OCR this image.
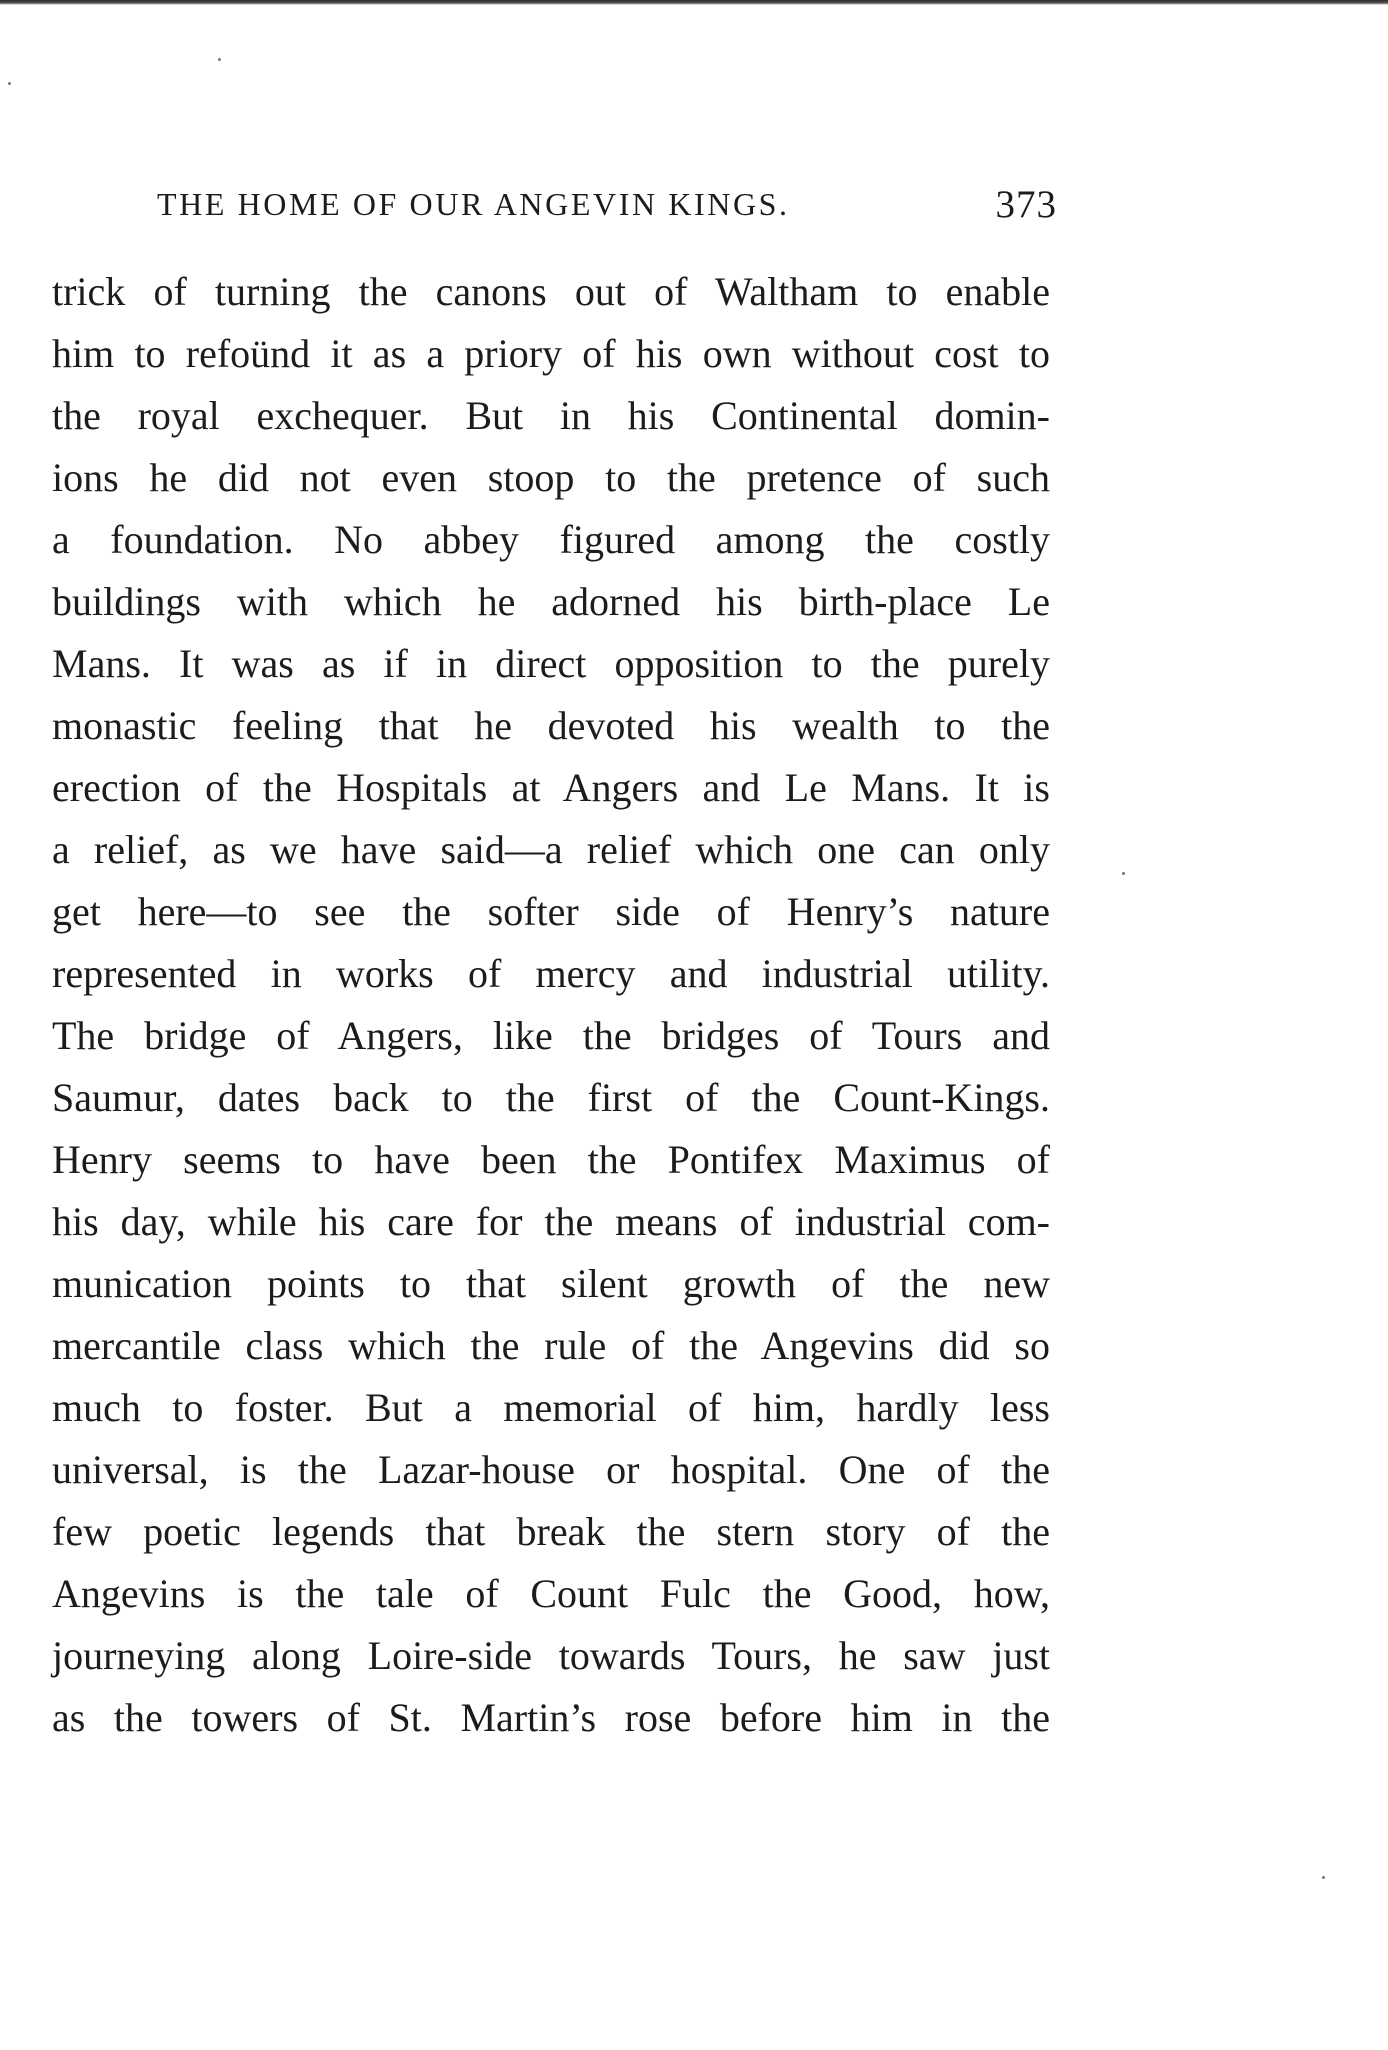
THE HOME OF OUR ANGEVIN KINGS.	373
trick of turning the canons out of Waltham to enable
him to refoünd it as a priory of his own without cost to
the royal exchequer. But in his Continental domin-
ions he did not even stoop to the pretence of such
a foundation. No abbey figured among the costly
buildings with which he adorned his birth-place Le
Mans. It was as if in direct opposition to the purely
monastic feeling that he devoted his wealth to the
erection of the Hospitals at Angers and Le Mans. It is
a relief, as we have said—a relief which one can only
get here—to see the softer side of Henry’s nature
represented in works of mercy and industrial utility.
The bridge of Angers, like the bridges of Tours and
Saumur, dates back to the first of the Count-Kings.
Henry seems to have been the Pontifex Maximus of
his day, while his care for the means of industrial com-
munication points to that silent growth of the new
mercantile class which the rule of the Angevins did so
much to foster. But a memorial of him, hardly less
universal, is the Lazar-house or hospital. One of the
few poetic legends that break the stern story of the
Angevins is the tale of Count Fulc the Good, how,
journeying along Loire-side towards Tours, he saw just
as the towers of St. Martin’s rose before him in the
